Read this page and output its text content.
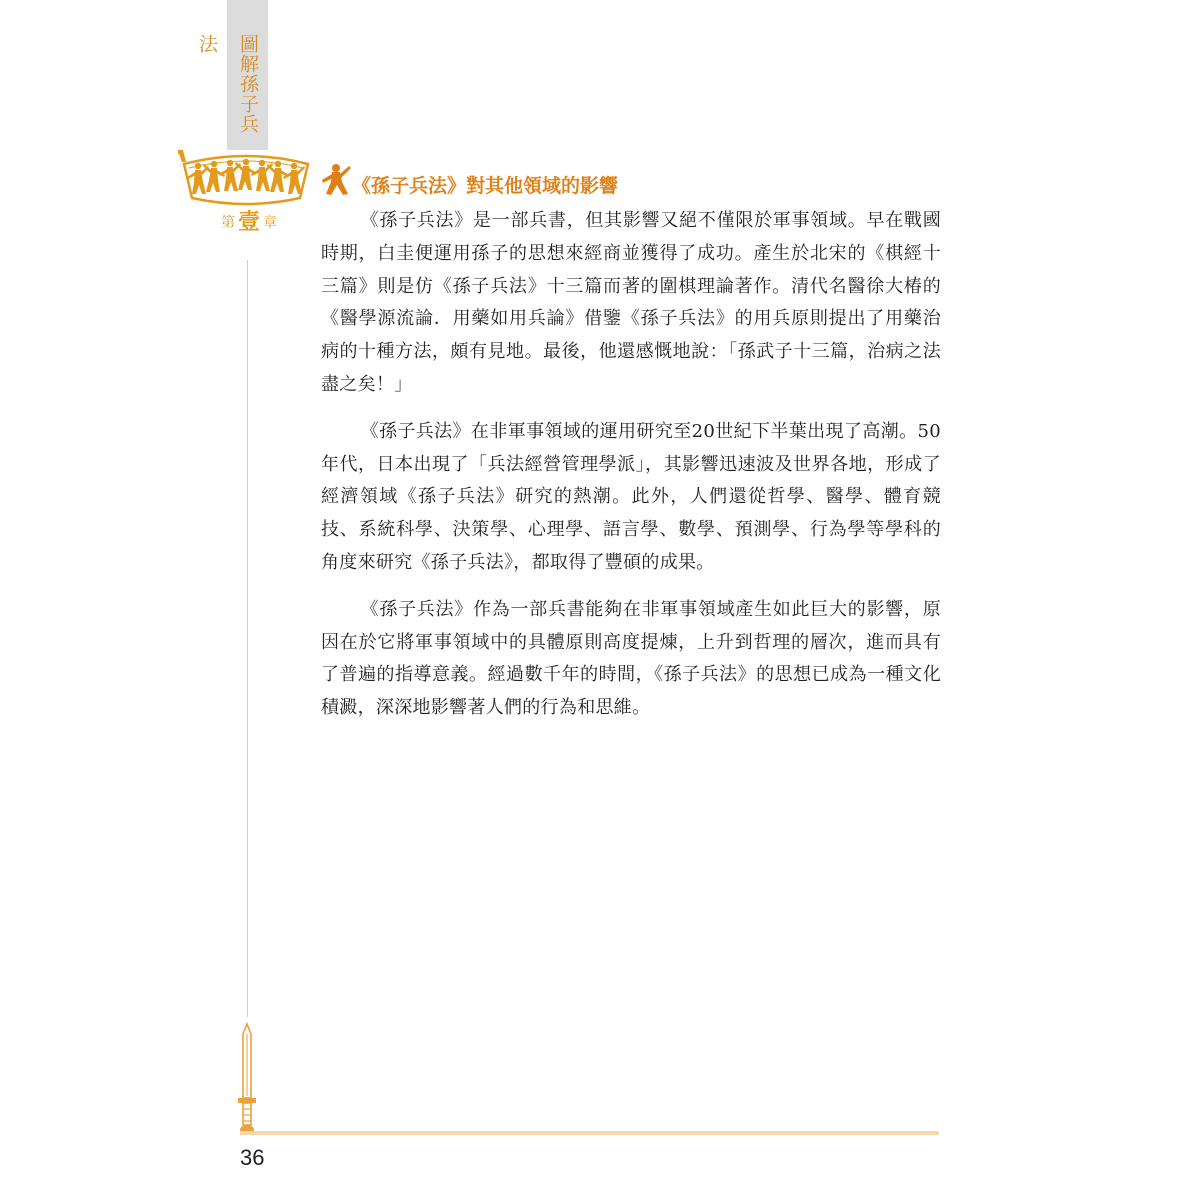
圖解孫子兵法
第 壹 章
《孫子兵法》對其他領域的影響

《孫子兵法》是一部兵書，但其影響又絕不僅限於軍事領域。早在戰國時期，白圭便運用孫子的思想來經商並獲得了成功。產生於北宋的《棋經十三篇》則是仿《孫子兵法》十三篇而著的圍棋理論著作。清代名醫徐大椿的《醫學源流論．用藥如用兵論》借鑒《孫子兵法》的用兵原則提出了用藥治病的十種方法，頗有見地。最後，他還感慨地說：「孫武子十三篇，治病之法盡之矣！」

《孫子兵法》在非軍事領域的運用研究至20世紀下半葉出現了高潮。50年代，日本出現了「兵法經營管理學派」，其影響迅速波及世界各地，形成了經濟領域《孫子兵法》研究的熱潮。此外，人們還從哲學、醫學、體育競技、系統科學、決策學、心理學、語言學、數學、預測學、行為學等學科的角度來研究《孫子兵法》，都取得了豐碩的成果。

《孫子兵法》作為一部兵書能夠在非軍事領域產生如此巨大的影響，原因在於它將軍事領域中的具體原則高度提煉，上升到哲理的層次，進而具有了普遍的指導意義。經過數千年的時間，《孫子兵法》的思想已成為一種文化積澱，深深地影響著人們的行為和思維。

36
